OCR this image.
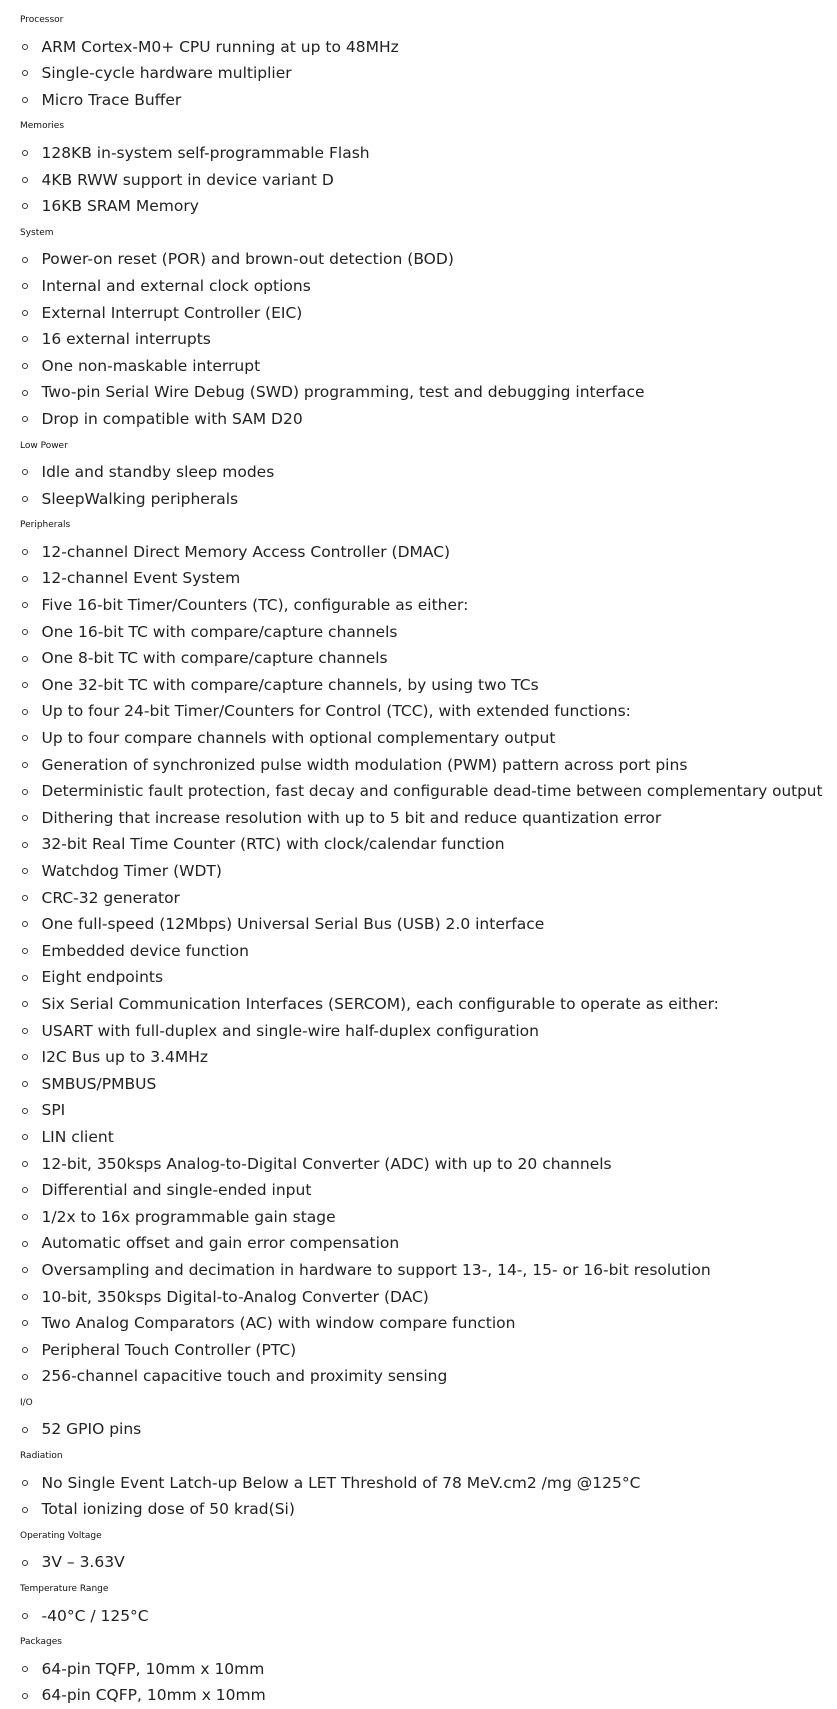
Processor
ARM Cortex-M0+ CPU running at up to 48MHz
Single-cycle hardware multiplier
Micro Trace Buffer
Memories
128KB in-system self-programmable Flash
4KB RWW support in device variant D
16KB SRAM Memory
System
Power-on reset (POR) and brown-out detection (BOD)
Internal and external clock options
External Interrupt Controller (EIC)
16 external interrupts
One non-maskable interrupt
Two-pin Serial Wire Debug (SWD) programming, test and debugging interface
Drop in compatible with SAM D20
Low Power
Idle and standby sleep modes
SleepWalking peripherals
Peripherals
12-channel Direct Memory Access Controller (DMAC)
12-channel Event System
Five 16-bit Timer/Counters (TC), configurable as either:
One 16-bit TC with compare/capture channels
One 8-bit TC with compare/capture channels
One 32-bit TC with compare/capture channels, by using two TCs
Up to four 24-bit Timer/Counters for Control (TCC), with extended functions:
Up to four compare channels with optional complementary output
Generation of synchronized pulse width modulation (PWM) pattern across port pins
Deterministic fault protection, fast decay and configurable dead-time between complementary output
Dithering that increase resolution with up to 5 bit and reduce quantization error
32-bit Real Time Counter (RTC) with clock/calendar function
Watchdog Timer (WDT)
CRC-32 generator
One full-speed (12Mbps) Universal Serial Bus (USB) 2.0 interface
Embedded device function
Eight endpoints
Six Serial Communication Interfaces (SERCOM), each configurable to operate as either:
USART with full-duplex and single-wire half-duplex configuration
I2C Bus up to 3.4MHz
SMBUS/PMBUS
SPI
LIN client
12-bit, 350ksps Analog-to-Digital Converter (ADC) with up to 20 channels
Differential and single-ended input
1/2x to 16x programmable gain stage
Automatic offset and gain error compensation
Oversampling and decimation in hardware to support 13-, 14-, 15- or 16-bit resolution
10-bit, 350ksps Digital-to-Analog Converter (DAC)
Two Analog Comparators (AC) with window compare function
Peripheral Touch Controller (PTC)
256-channel capacitive touch and proximity sensing
I/O
52 GPIO pins
Radiation
No Single Event Latch-up Below a LET Threshold of 78 MeV.cm2 /mg @125°C
Total ionizing dose of 50 krad(Si)
Operating Voltage
3V – 3.63V
Temperature Range
-40°C / 125°C
Packages
64-pin TQFP, 10mm x 10mm
64-pin CQFP, 10mm x 10mm
